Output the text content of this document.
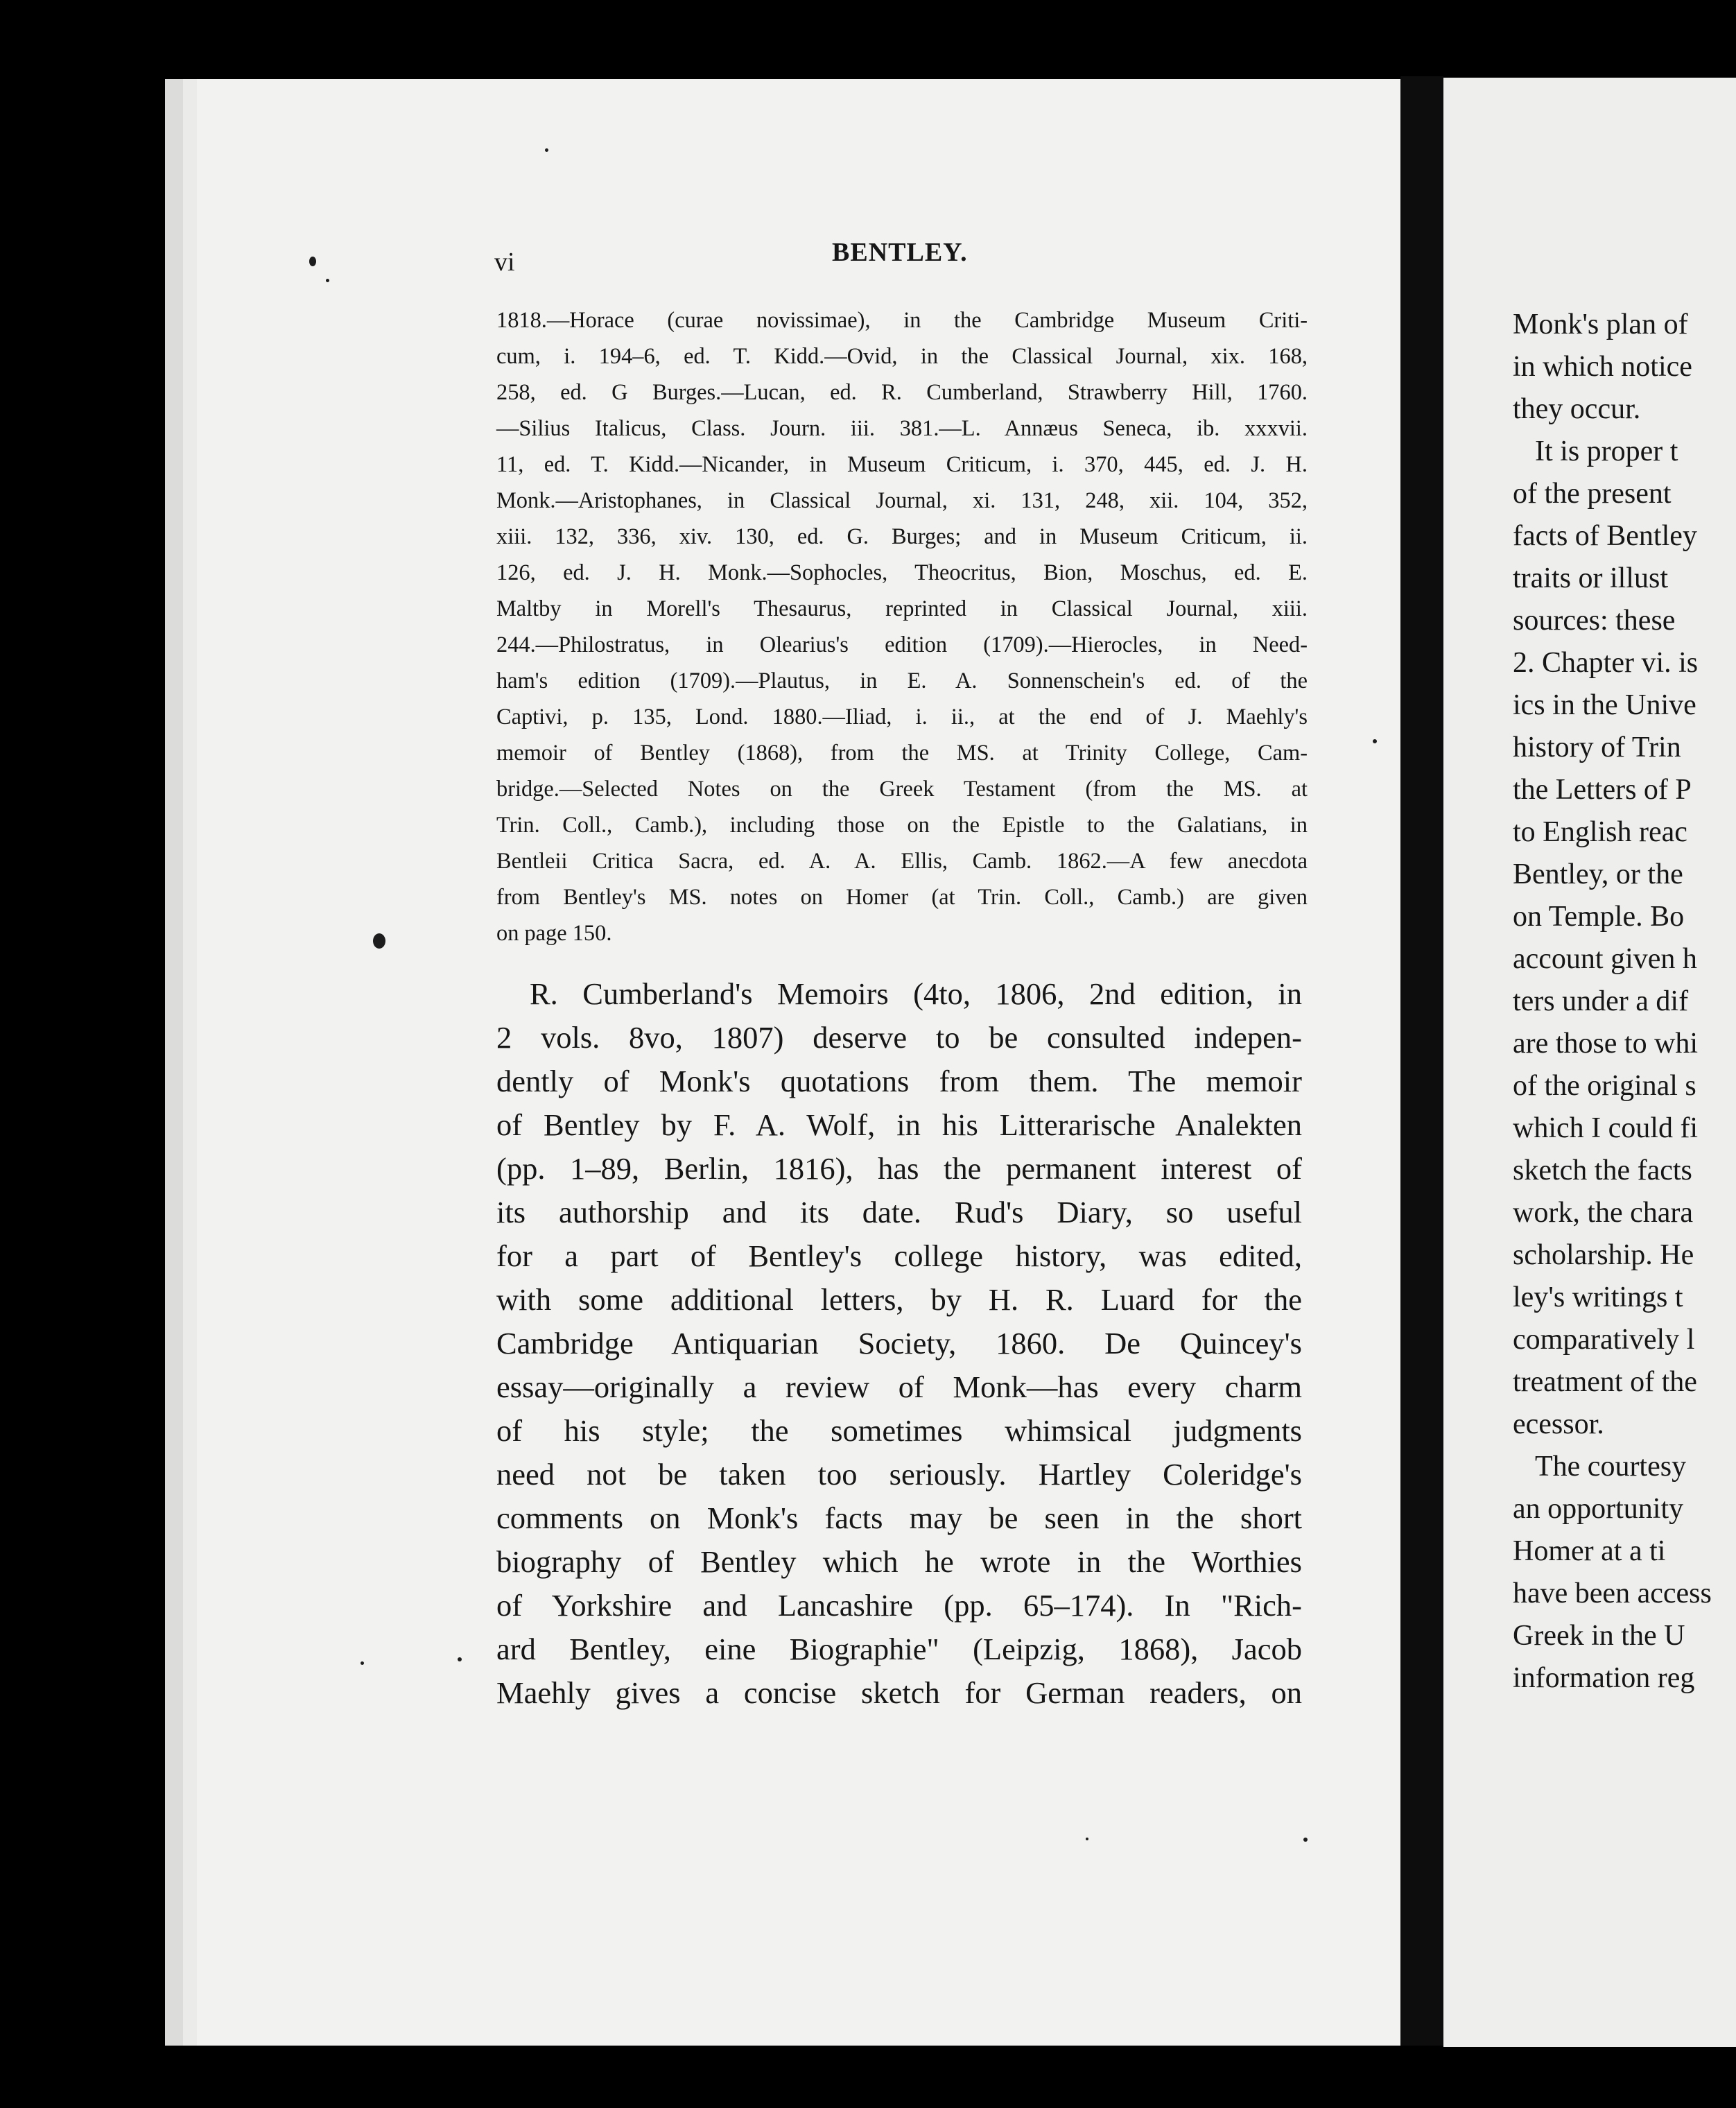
Monk's plan of
in which notice
they occur.
It is proper t
of the present
facts of Bentley
traits or illust
sources: these
2. Chapter vi. is
ics in the Unive
history of Trin
the Letters of P
to English reac
Bentley, or the
on Temple. Bo
account given h
ters under a dif
are those to whi
of the original s
which I could fi
sketch the facts
work, the chara
scholarship. He
ley's writings t
comparatively l
treatment of the
ecessor.
The courtesy
an opportunity
Homer at a ti
have been access
Greek in the U
information reg
vi	BENTLEY.
1818.—Horace (curae novissimae), in the Cambridge Museum Criti-
cum, i. 194–6, ed. T. Kidd.—Ovid, in the Classical Journal, xix. 168,
258, ed. G Burges.—Lucan, ed. R. Cumberland, Strawberry Hill, 1760.
—Silius Italicus, Class. Journ. iii. 381.—L. Annæus Seneca, ib. xxxvii.
11, ed. T. Kidd.—Nicander, in Museum Criticum, i. 370, 445, ed. J. H.
Monk.—Aristophanes, in Classical Journal, xi. 131, 248, xii. 104, 352,
xiii. 132, 336, xiv. 130, ed. G. Burges; and in Museum Criticum, ii.
126, ed. J. H. Monk.—Sophocles, Theocritus, Bion, Moschus, ed. E.
Maltby in Morell's Thesaurus, reprinted in Classical Journal, xiii.
244.—Philostratus, in Olearius's edition (1709).—Hierocles, in Need-
ham's edition (1709).—Plautus, in E. A. Sonnenschein's ed. of the
Captivi, p. 135, Lond. 1880.—Iliad, i. ii., at the end of J. Maehly's
memoir of Bentley (1868), from the MS. at Trinity College, Cam-
bridge.—Selected Notes on the Greek Testament (from the MS. at
Trin. Coll., Camb.), including those on the Epistle to the Galatians, in
Bentleii Critica Sacra, ed. A. A. Ellis, Camb. 1862.—A few anecdota
from Bentley's MS. notes on Homer (at Trin. Coll., Camb.) are given
on page 150.
R. Cumberland's Memoirs (4to, 1806, 2nd edition, in
2 vols. 8vo, 1807) deserve to be consulted indepen-
dently of Monk's quotations from them. The memoir
of Bentley by F. A. Wolf, in his Litterarische Analekten
(pp. 1–89, Berlin, 1816), has the permanent interest of
its authorship and its date. Rud's Diary, so useful
for a part of Bentley's college history, was edited,
with some additional letters, by H. R. Luard for the
Cambridge Antiquarian Society, 1860. De Quincey's
essay—originally a review of Monk—has every charm
of his style; the sometimes whimsical judgments
need not be taken too seriously. Hartley Coleridge's
comments on Monk's facts may be seen in the short
biography of Bentley which he wrote in the Worthies
of Yorkshire and Lancashire (pp. 65–174). In "Rich-
ard Bentley, eine Biographie" (Leipzig, 1868), Jacob
Maehly gives a concise sketch for German readers, on
